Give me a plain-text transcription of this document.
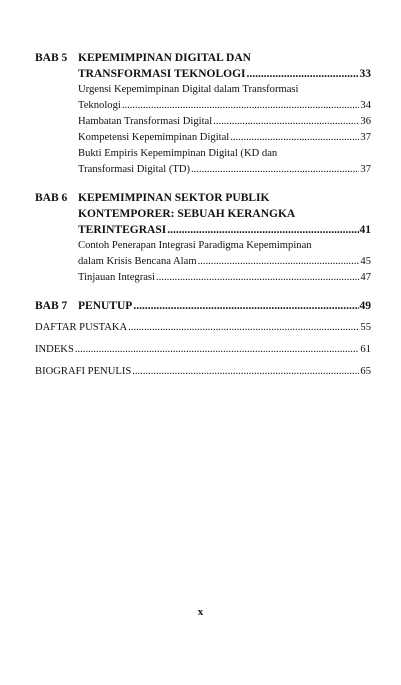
BAB 5 KEPEMIMPINAN DIGITAL DAN
TRANSFORMASI TEKNOLOGI .....	33
Urgensi Kepemimpinan Digital dalam Transformasi
Teknologi .....	34
Hambatan Transformasi Digital .....	36
Kompetensi Kepemimpinan Digital .....	37
Bukti Empiris Kepemimpinan Digital (KD dan
Transformasi Digital (TD) .....	37
BAB 6 KEPEMIMPINAN SEKTOR PUBLIK
KONTEMPORER: SEBUAH KERANGKA
TERINTEGRASI .....	41
Contoh Penerapan Integrasi Paradigma Kepemimpinan
dalam Krisis Bencana Alam .....	45
Tinjauan Integrasi .....	47
BAB 7 PENUTUP .....	49
DAFTAR PUSTAKA .....	55
INDEKS .....	61
BIOGRAFI PENULIS .....	65
x
